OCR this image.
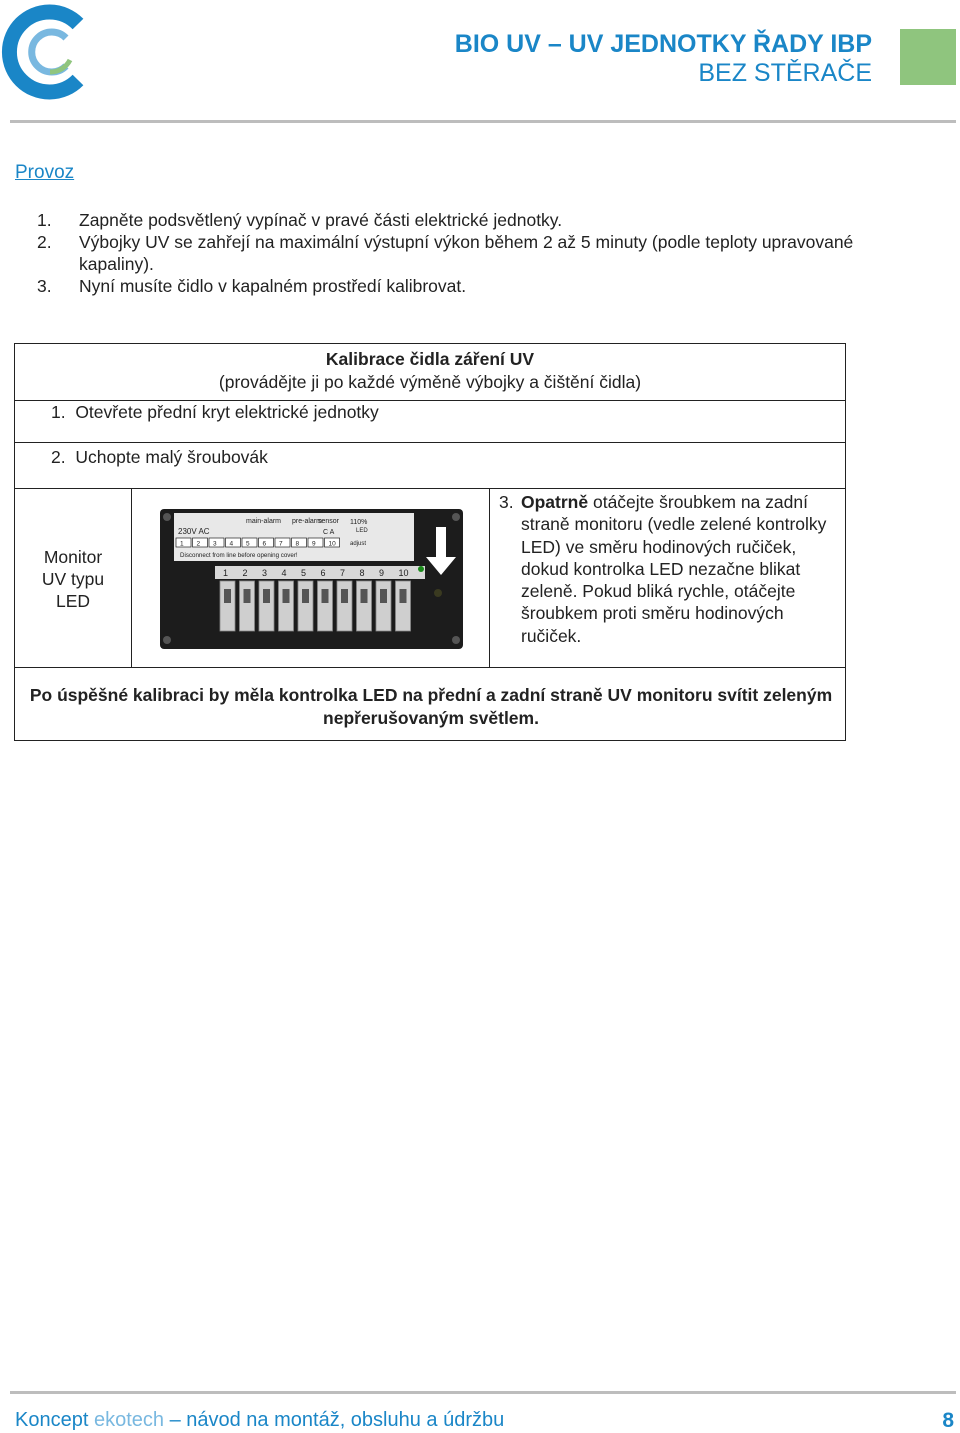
BIO UV – UV JEDNOTKY ŘADY IBP
BEZ STĚRAČE
Provoz
1.	Zapněte podsvětlený vypínač v pravé části elektrické jednotky.
2.	Výbojky UV se zahřejí na maximální výstupní výkon během 2 až 5 minuty (podle teploty upravované kapaliny).
3.	Nyní musíte čidlo v kapalném prostředí kalibrovat.
Kalibrace čidla záření UV
(provádějte ji po každé výměně výbojky a čištění čidla)
1.  Otevřete přední kryt elektrické jednotky
2.  Uchopte malý šroubovák
Monitor UV typu LED
3. Opatrně otáčejte šroubkem na zadní straně monitoru (vedle zelené kontrolky LED) ve směru hodinových ručiček, dokud kontrolka LED nezačne blikat zeleně. Pokud bliká rychle, otáčejte šroubkem proti směru hodinových ručiček.
Po úspěšné kalibraci by měla kontrolka LED na přední a zadní straně UV monitoru svítit zeleným nepřerušovaným světlem.
230V AC
main-alarm pre-alarm
sensor 110%
LED
C A
adjust
Disconnect from line before opening cover!
1 2 3 4 5 6 7 8 9 10
1 2 3 4 5 6 7 8 9 10
Koncept ekotech – návod na montáž, obsluhu a údržbu	8
